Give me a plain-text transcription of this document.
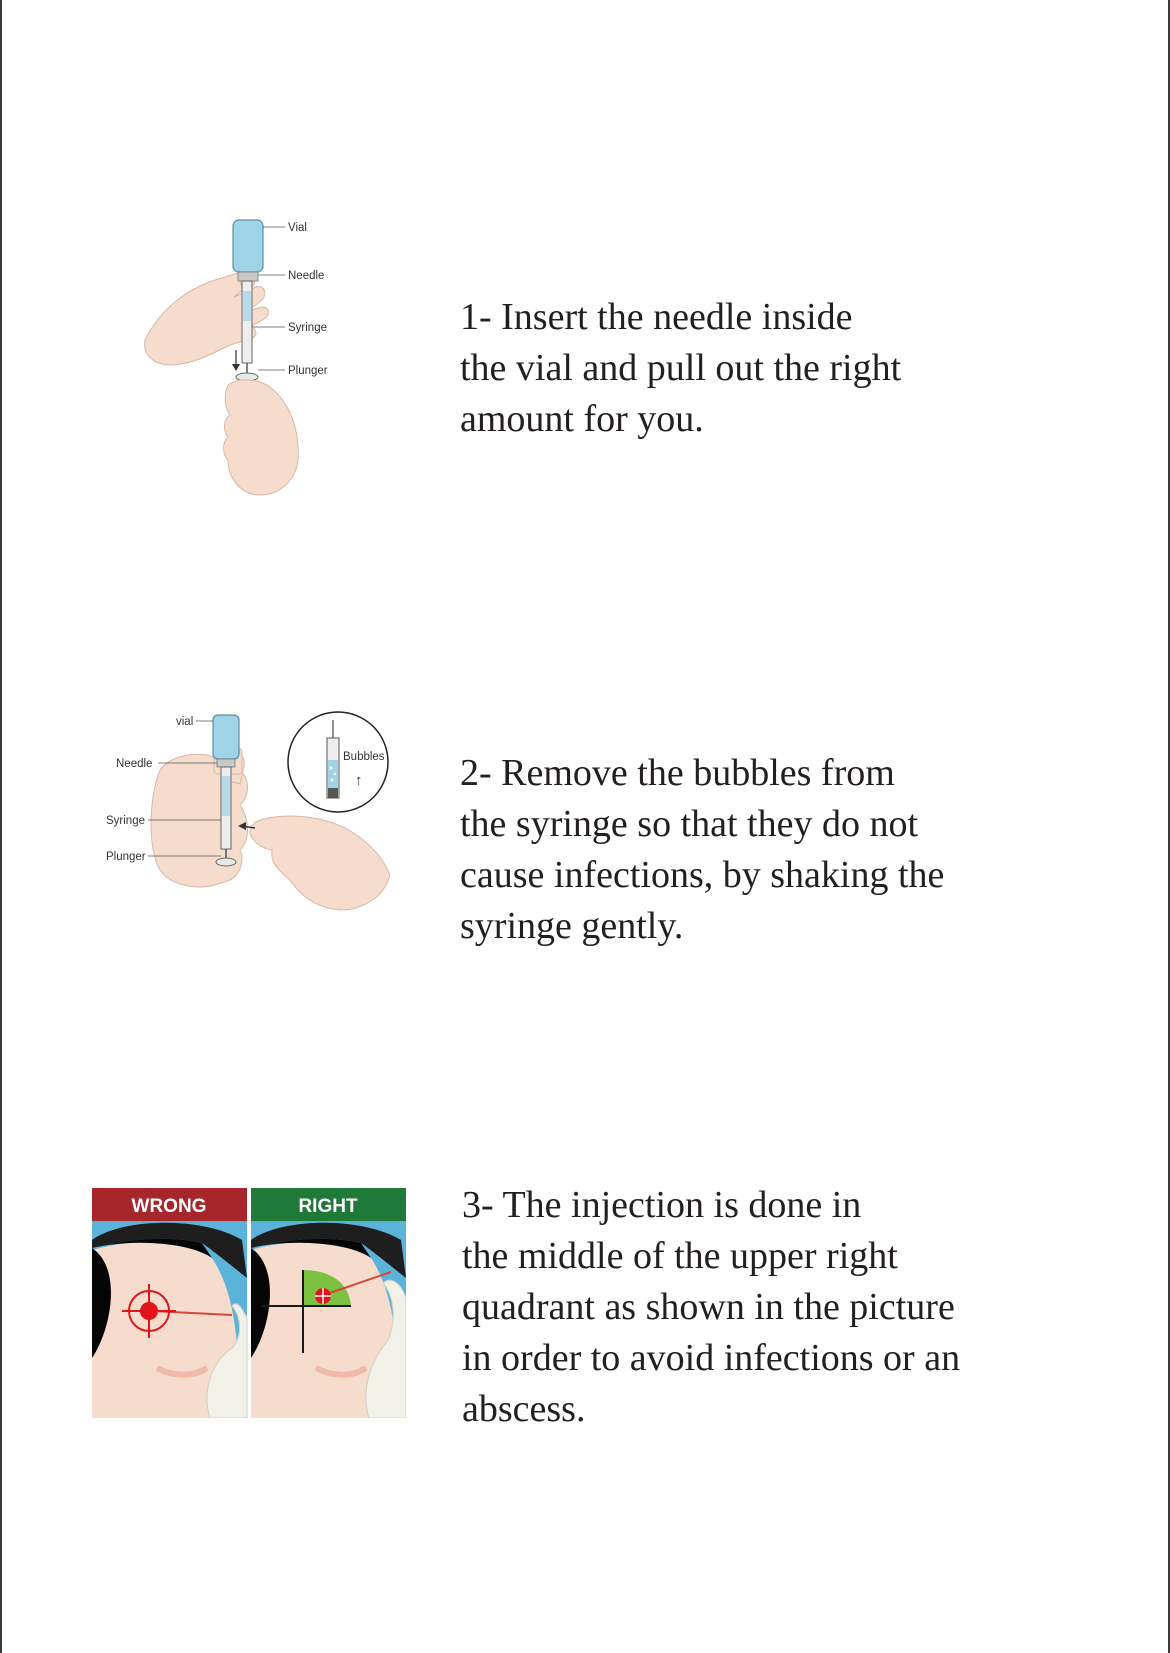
Vial
Needle
Syringe
Plunger

1- Insert the needle inside
the vial and pull out the right
amount for you.

Bubbles
↑
vial
Needle
Syringe
Plunger

2- Remove the bubbles from
the syringe so that they do not
cause infections, by shaking the
syringe gently.

WRONG	RIGHT	3- The injection is done in
the middle of the upper right
quadrant as shown in the picture
in order to avoid infections or an
abscess.
